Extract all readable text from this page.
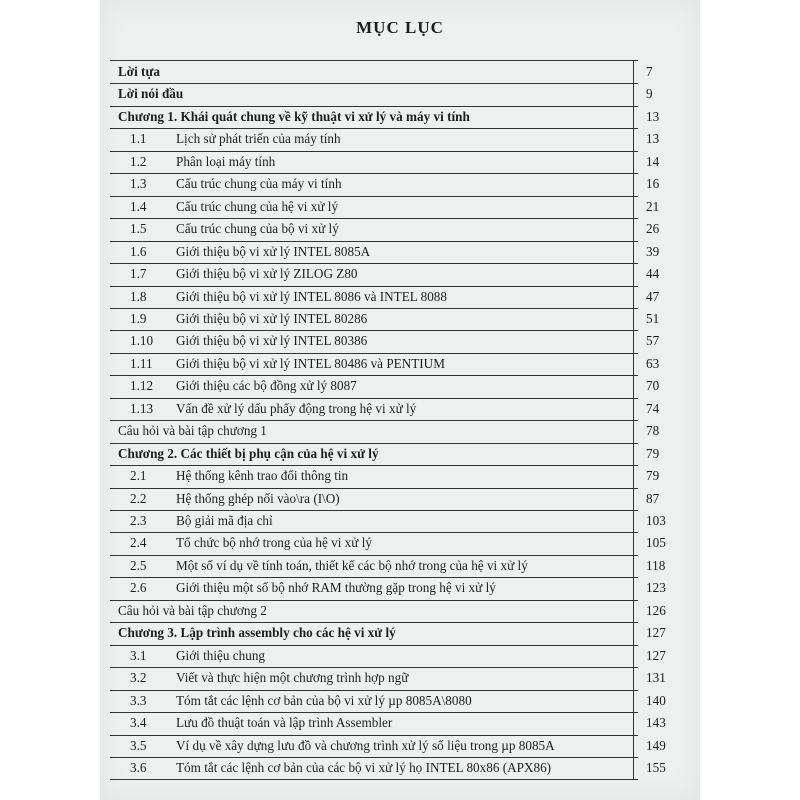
MỤC LỤC
Lời tựa	7
Lời nói đầu	9
Chương 1. Khái quát chung về kỹ thuật vi xử lý và máy vi tính	13
1.1	Lịch sử phát triển của máy tính	13
1.2	Phân loại máy tính	14
1.3	Cấu trúc chung của máy vi tính	16
1.4	Cấu trúc chung của hệ vi xử lý	21
1.5	Cấu trúc chung của bộ vi xử lý	26
1.6	Giới thiệu bộ vi xử lý INTEL 8085A	39
1.7	Giới thiệu bộ vi xử lý ZILOG Z80	44
1.8	Giới thiệu bộ vi xử lý INTEL 8086 và INTEL 8088	47
1.9	Giới thiệu bộ vi xử lý INTEL 80286	51
1.10	Giới thiệu bộ vi xử lý INTEL 80386	57
1.11	Giới thiệu bộ vi xử lý INTEL 80486 và PENTIUM	63
1.12	Giới thiệu các bộ đồng xử lý 8087	70
1.13	Vấn đề xử lý dấu phẩy động trong hệ vi xử lý	74
Câu hỏi và bài tập chương 1	78
Chương 2. Các thiết bị phụ cận của hệ vi xử lý	79
2.1	Hệ thống kênh trao đổi thông tin	79
2.2	Hệ thống ghép nối vào\ra (I\O)	87
2.3	Bộ giải mã địa chỉ	103
2.4	Tổ chức bộ nhớ trong của hệ vi xử lý	105
2.5	Một số ví dụ về tính toán, thiết kế các bộ nhớ trong của hệ vi xử lý	118
2.6	Giới thiệu một số bộ nhớ RAM thường gặp trong hệ vi xử lý	123
Câu hỏi và bài tập chương 2	126
Chương 3. Lập trình assembly cho các hệ vi xử lý	127
3.1	Giới thiệu chung	127
3.2	Viết và thực hiện một chương trình hợp ngữ	131
3.3	Tóm tắt các lệnh cơ bản của bộ vi xử lý µp 8085A\8080	140
3.4	Lưu đồ thuật toán và lập trình Assembler	143
3.5	Ví dụ về xây dựng lưu đồ và chương trình xử lý số liệu trong µp 8085A	149
3.6	Tóm tắt các lệnh cơ bản của các bộ vi xử lý họ INTEL 80x86 (APX86)	155
